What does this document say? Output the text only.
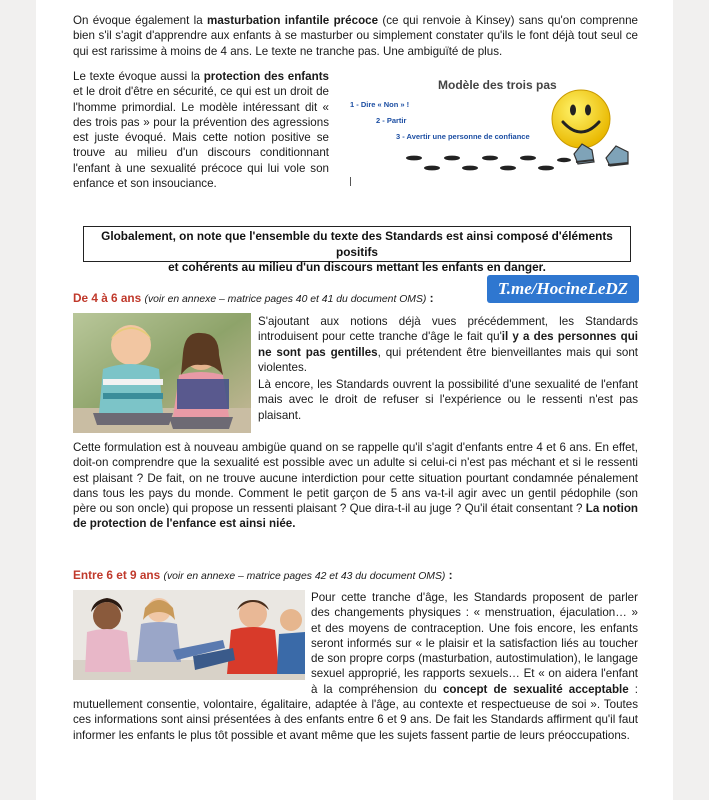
On évoque également la masturbation infantile précoce (ce qui renvoie à Kinsey) sans qu'on comprenne bien s'il s'agit d'apprendre aux enfants à se masturber ou simplement constater qu'ils le font déjà tout seul ce qui est rarissime à moins de 4 ans. Le texte ne tranche pas. Une ambiguïté de plus.

Le texte évoque aussi la protection des enfants et le droit d'être en sécurité, ce qui est un droit de l'homme primordial. Le modèle intéressant dit « des trois pas » pour la prévention des agressions est juste évoqué. Mais cette notion positive se trouve au milieu d'un discours conditionnant l'enfant à une sexualité précoce qui lui vole son enfance et son insouciance.

Modèle des trois pas
1 - Dire « Non » !
2 - Partir
3 - Avertir une personne de confiance
Globalement, on note que l'ensemble du texte des Standards est ainsi composé d'éléments positifs
et cohérents au milieu d'un discours mettant les enfants en danger.

De 4 à 6 ans (voir en annexe – matrice pages 40 et 41 du document OMS) :	T.me/HocineLeDZ

S'ajoutant aux notions déjà vues précédemment, les Standards introduisent pour cette tranche d'âge le fait qu'il y a des personnes qui ne sont pas gentilles, qui prétendent être bienveillantes mais qui sont violentes.

Là encore, les Standards ouvrent la possibilité d'une sexualité de l'enfant mais avec le droit de refuser si l'expérience ou le ressenti n'est pas plaisant.

Cette formulation est à nouveau ambigüe quand on se rappelle qu'il s'agit d'enfants entre 4 et 6 ans. En effet, doit-on comprendre que la sexualité est possible avec un adulte si celui-ci n'est pas méchant et si le ressenti est plaisant ? De fait, on ne trouve aucune interdiction pour cette situation pourtant condamnée pénalement dans tous les pays du monde. Comment le petit garçon de 5 ans va-t-il agir avec un gentil pédophile (son père ou son oncle) qui propose un ressenti plaisant ? Que dira-t-il au juge ? Qu'il était consentant ? La notion de protection de l'enfance est ainsi niée.

Entre 6 et 9 ans (voir en annexe – matrice pages 42 et 43 du document OMS) :

Pour cette tranche d'âge, les Standards proposent de parler des changements physiques : « menstruation, éjaculation… » et des moyens de contraception. Une fois encore, les enfants seront informés sur « le plaisir et la satisfaction liés au toucher de son propre corps (masturbation, autostimulation), le langage sexuel approprié, les rapports sexuels… Et « on aidera l'enfant à la compréhension du concept de sexualité acceptable : mutuellement consentie, volontaire, égalitaire, adaptée à l'âge, au contexte et respectueuse de soi ». Toutes ces informations sont ainsi présentées à des enfants entre 6 et 9 ans. De fait les Standards affirment qu'il faut informer les enfants le plus tôt possible et avant même que les sujets fassent partie de leurs préoccupations.
